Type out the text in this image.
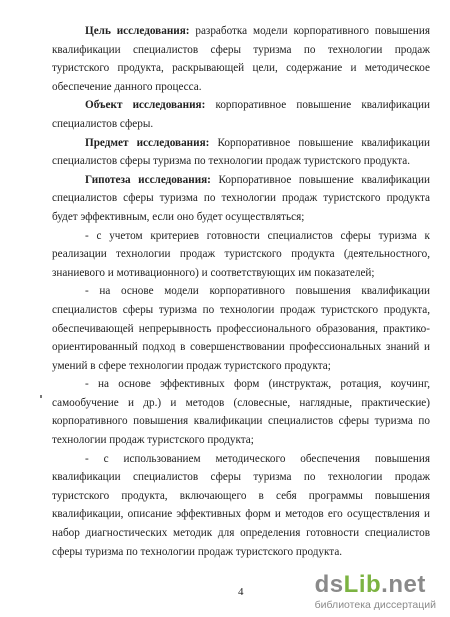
Цель исследования: разработка модели корпоративного повышения квалификации специалистов сферы туризма по технологии продаж туристского продукта, раскрывающей цели, содержание и методическое обеспечение данного процесса.

Объект исследования: корпоративное повышение квалификации специалистов сферы.

Предмет исследования: Корпоративное повышение квалификации специалистов сферы туризма по технологии продаж туристского продукта.

Гипотеза исследования: Корпоративное повышение квалификации специалистов сферы туризма по технологии продаж туристского продукта будет эффективным, если оно будет осуществляться;

- с учетом критериев готовности специалистов сферы туризма к реализации технологии продаж туристского продукта (деятельностного, знаниевого и мотивационного) и соответствующих им показателей;

- на основе модели корпоративного повышения квалификации специалистов сферы туризма по технологии продаж туристского продукта, обеспечивающей непрерывность профессионального образования, практико-ориентированный подход в совершенствовании профессиональных знаний и умений в сфере технологии продаж туристского продукта;

- на основе эффективных форм (инструктаж, ротация, коучинг, самообучение и др.) и методов (словесные, наглядные, практические) корпоративного повышения квалификации специалистов сферы туризма по технологии продаж туристского продукта;

- с использованием методического обеспечения повышения квалификации специалистов сферы туризма по технологии продаж туристского продукта, включающего в себя программы повышения квалификации, описание эффективных форм и методов его осуществления и набор диагностических методик для определения готовности специалистов сферы туризма по технологии продаж туристского продукта.

4	dsLib.net
библиотека диссертаций
